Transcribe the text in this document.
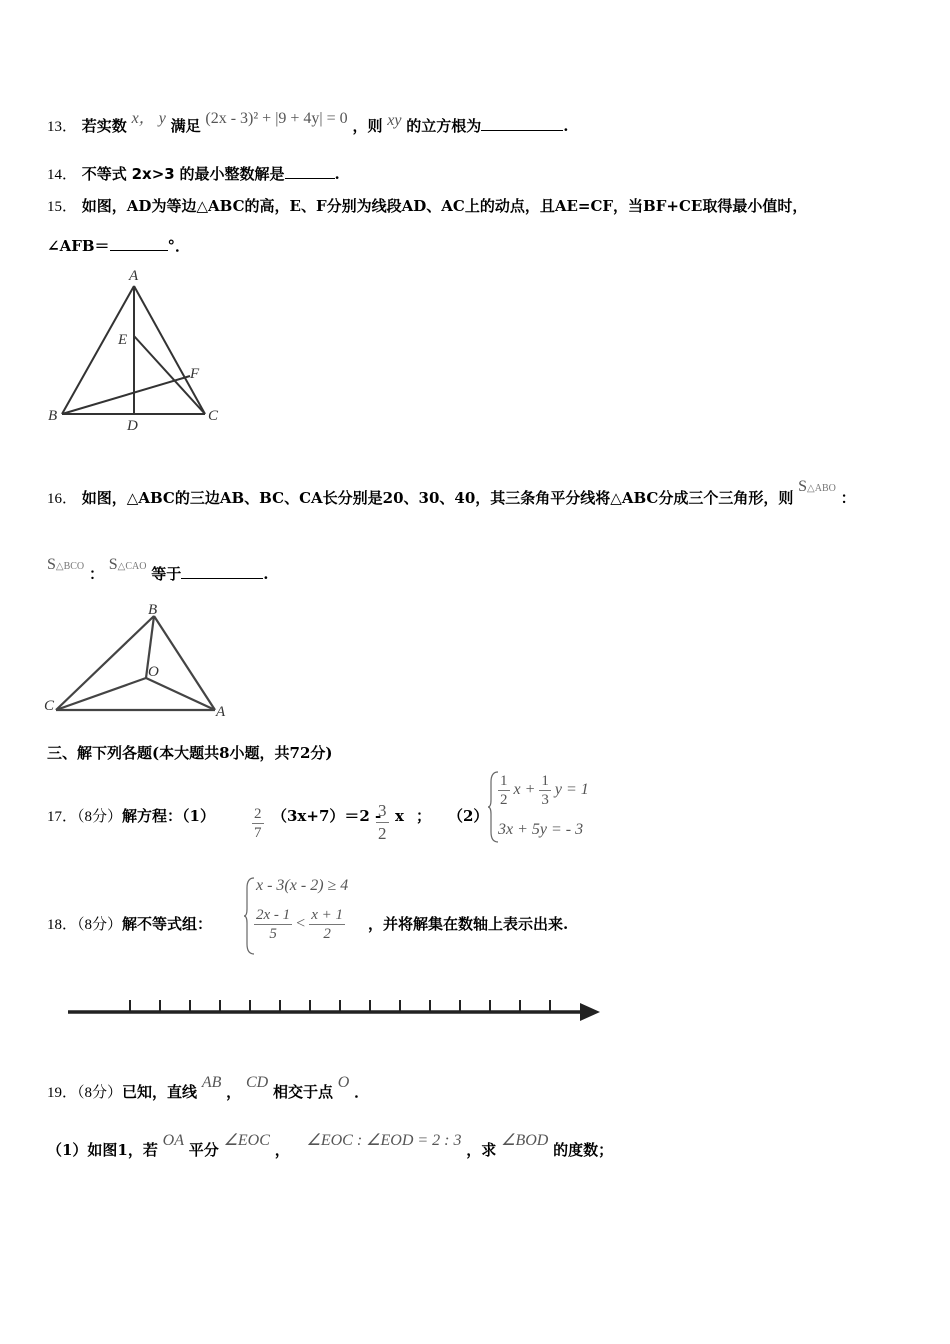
13． 若实数 x， y 满足 (2x - 3)² + |9 + 4y| = 0 ，则 xy 的立方根为	.
14． 不等式 2x>3 的最小整数解是	.
15． 如图，AD为等边△ABC的高，E、F分别为线段AD、AC上的动点，且AE=CF，当BF+CE取得最小值时，
∠AFB＝	°．
A
B	C
D
E
F
16． 如图，△ABC的三边AB、BC、CA长分别是20、30、40，其三条角平分线将△ABC分成三个三角形，则 S△ABO ：
S△BCO ： S△CAO 等于	.
B
C	A
O
三、解下列各题(本大题共8小题，共72分)
17．（8分）解方程：$(1) \frac{2}{7} (3x+7)=2$ -
$\frac{3}{2}$ x ； （2）
$\frac{1}{2}$ $x + \frac{1}{3}$ y = 1
3x + 5y = - 3
18．（8分）解不等式组：
x - 3(x - 2) ≥ 4
$\frac{2x - 1}{5} < \frac{x + 1}{2}$ ，并将解集在数轴上表示出来.
19．（8分）已知，直线 AB ， CD 相交于点 O ．
（1）如图1，若 OA 平分 ∠EOC ， ∠EOC : ∠EOD = 2 : 3 ，求 ∠BOD 的度数；
